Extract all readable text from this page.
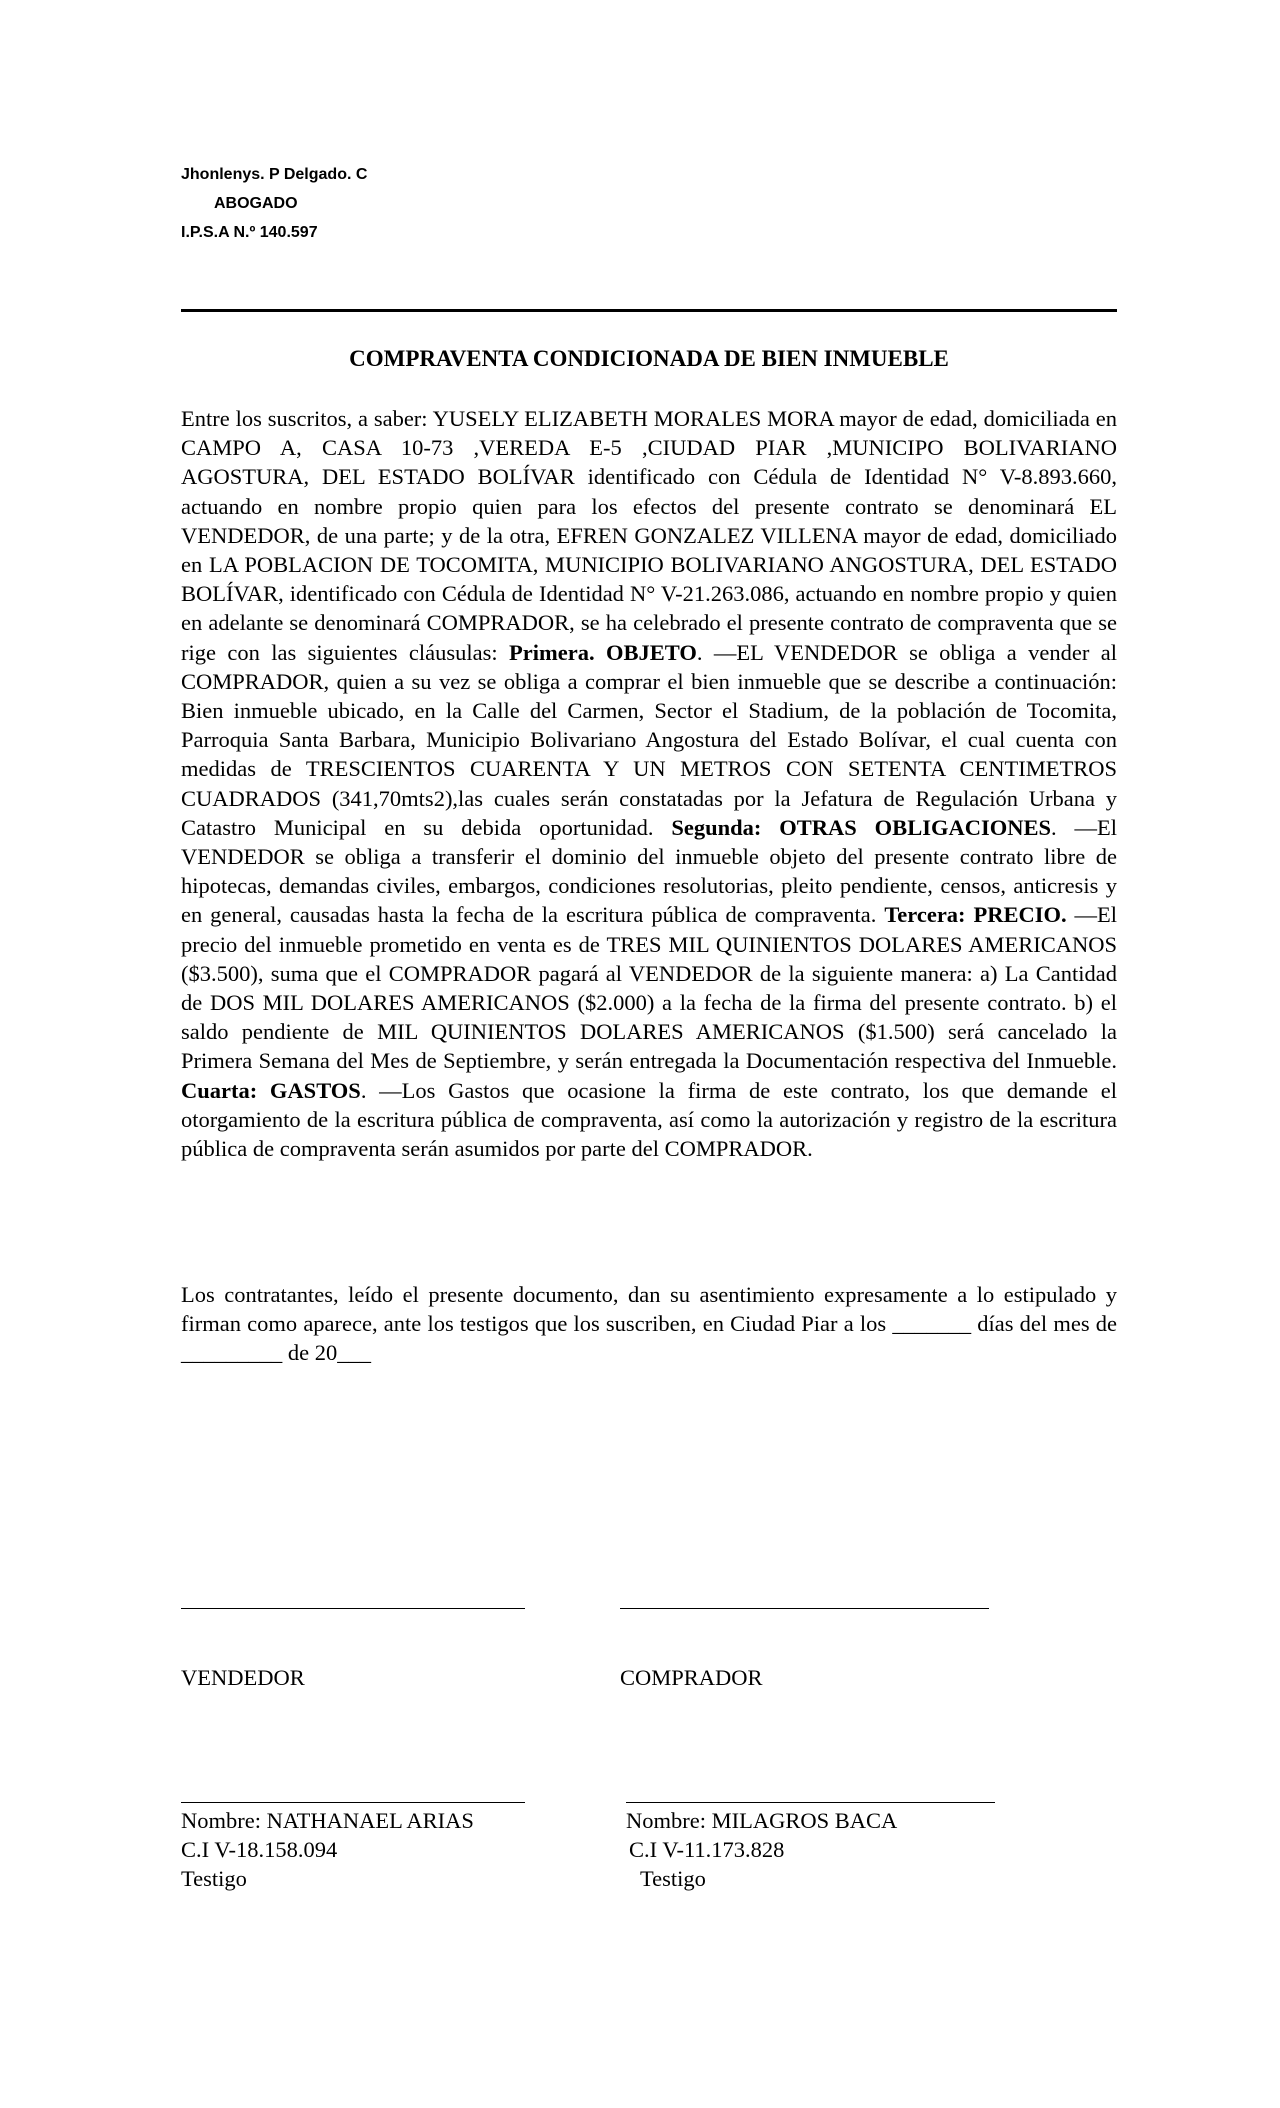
Jhonlenys. P Delgado. C
ABOGADO
I.P.S.A N.º 140.597
COMPRAVENTA CONDICIONADA DE BIEN INMUEBLE
Entre los suscritos, a saber: YUSELY ELIZABETH MORALES MORA mayor de edad, domiciliada en CAMPO A, CASA 10-73 ,VEREDA E-5 ,CIUDAD PIAR ,MUNICIPO BOLIVARIANO AGOSTURA, DEL ESTADO BOLÍVAR identificado con Cédula de Identidad N° V-8.893.660, actuando en nombre propio quien para los efectos del presente contrato se denominará EL VENDEDOR, de una parte; y de la otra, EFREN GONZALEZ VILLENA mayor de edad, domiciliado en LA POBLACION DE TOCOMITA, MUNICIPIO BOLIVARIANO ANGOSTURA, DEL ESTADO BOLÍVAR, identificado con Cédula de Identidad N° V-21.263.086, actuando en nombre propio y quien en adelante se denominará COMPRADOR, se ha celebrado el presente contrato de compraventa que se rige con las siguientes cláusulas: Primera. OBJETO. —EL VENDEDOR se obliga a vender al COMPRADOR, quien a su vez se obliga a comprar el bien inmueble que se describe a continuación: Bien inmueble ubicado, en la Calle del Carmen, Sector el Stadium, de la población de Tocomita, Parroquia Santa Barbara, Municipio Bolivariano Angostura del Estado Bolívar, el cual cuenta con medidas de TRESCIENTOS CUARENTA Y UN METROS CON SETENTA CENTIMETROS CUADRADOS (341,70mts2),las cuales serán constatadas por la Jefatura de Regulación Urbana y Catastro Municipal en su debida oportunidad. Segunda: OTRAS OBLIGACIONES. —El VENDEDOR se obliga a transferir el dominio del inmueble objeto del presente contrato libre de hipotecas, demandas civiles, embargos, condiciones resolutorias, pleito pendiente, censos, anticresis y en general, causadas hasta la fecha de la escritura pública de compraventa. Tercera: PRECIO. —El precio del inmueble prometido en venta es de TRES MIL QUINIENTOS DOLARES AMERICANOS ($3.500), suma que el COMPRADOR pagará al VENDEDOR de la siguiente manera: a) La Cantidad de DOS MIL DOLARES AMERICANOS ($2.000) a la fecha de la firma del presente contrato. b) el saldo pendiente de MIL QUINIENTOS DOLARES AMERICANOS ($1.500) será cancelado la Primera Semana del Mes de Septiembre, y serán entregada la Documentación respectiva del Inmueble. Cuarta: GASTOS. —Los Gastos que ocasione la firma de este contrato, los que demande el otorgamiento de la escritura pública de compraventa, así como la autorización y registro de la escritura pública de compraventa serán asumidos por parte del COMPRADOR.
Los contratantes, leído el presente documento, dan su asentimiento expresamente a lo estipulado y firman como aparece, ante los testigos que los suscriben, en Ciudad Piar a los _______ días del mes de _________ de 20___
VENDEDOR	COMPRADOR
Nombre: NATHANAEL ARIAS
C.I V-18.158.094
Testigo
Nombre: MILAGROS BACA
C.I V-11.173.828
Testigo
